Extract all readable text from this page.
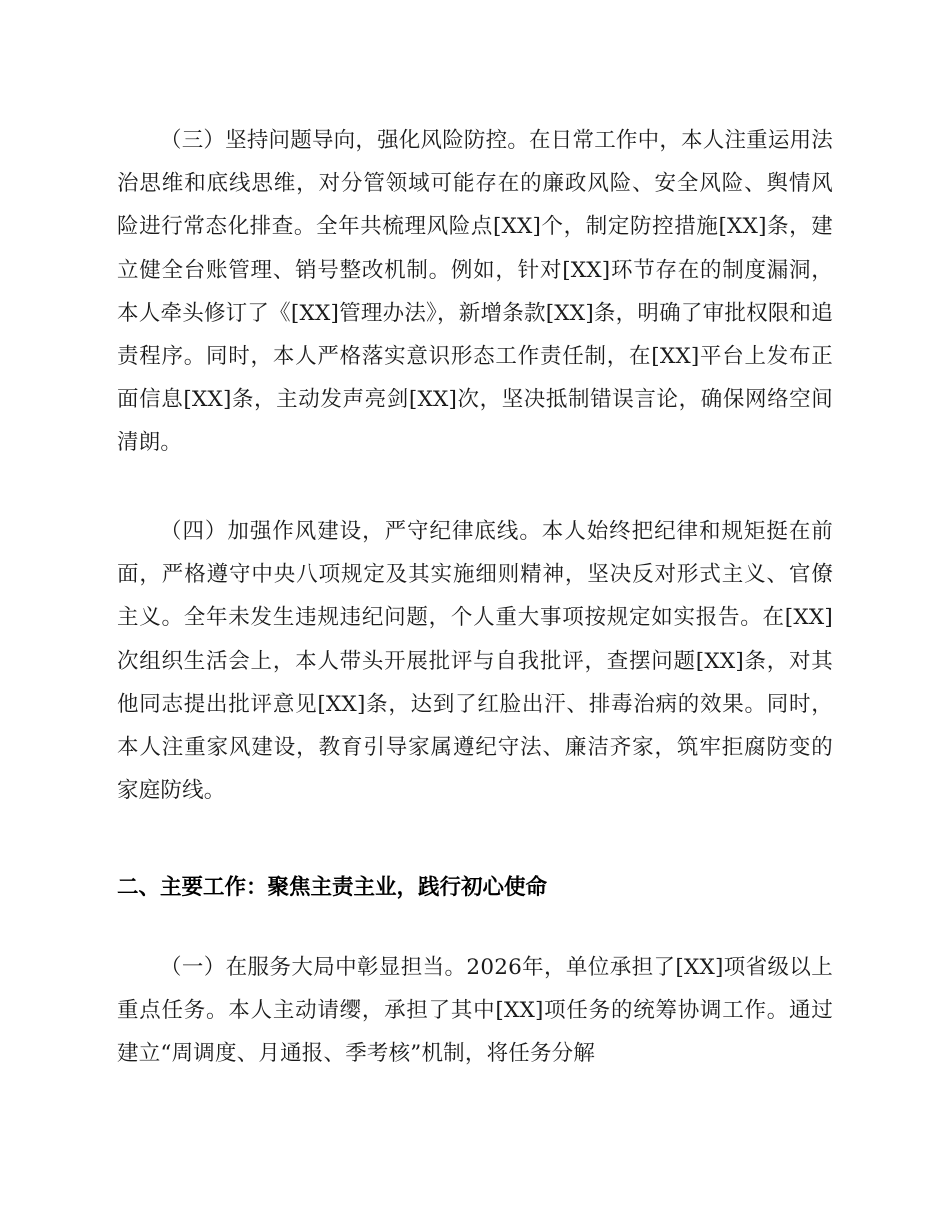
（三）坚持问题导向，强化风险防控。在日常工作中，本人注重运用法治思维和底线思维，对分管领域可能存在的廉政风险、安全风险、舆情风险进行常态化排查。全年共梳理风险点[XX]个，制定防控措施[XX]条，建立健全台账管理、销号整改机制。例如，针对[XX]环节存在的制度漏洞，本人牵头修订了《[XX]管理办法》，新增条款[XX]条，明确了审批权限和追责程序。同时，本人严格落实意识形态工作责任制，在[XX]平台上发布正面信息[XX]条，主动发声亮剑[XX]次，坚决抵制错误言论，确保网络空间清朗。

（四）加强作风建设，严守纪律底线。本人始终把纪律和规矩挺在前面，严格遵守中央八项规定及其实施细则精神，坚决反对形式主义、官僚主义。全年未发生违规违纪问题，个人重大事项按规定如实报告。在[XX]次组织生活会上，本人带头开展批评与自我批评，查摆问题[XX]条，对其他同志提出批评意见[XX]条，达到了红脸出汗、排毒治病的效果。同时，本人注重家风建设，教育引导家属遵纪守法、廉洁齐家，筑牢拒腐防变的家庭防线。

二、主要工作：聚焦主责主业，践行初心使命

（一）在服务大局中彰显担当。2026年，单位承担了[XX]项省级以上重点任务。本人主动请缨，承担了其中[XX]项任务的统筹协调工作。通过建立“周调度、月通报、季考核”机制，将任务分解
